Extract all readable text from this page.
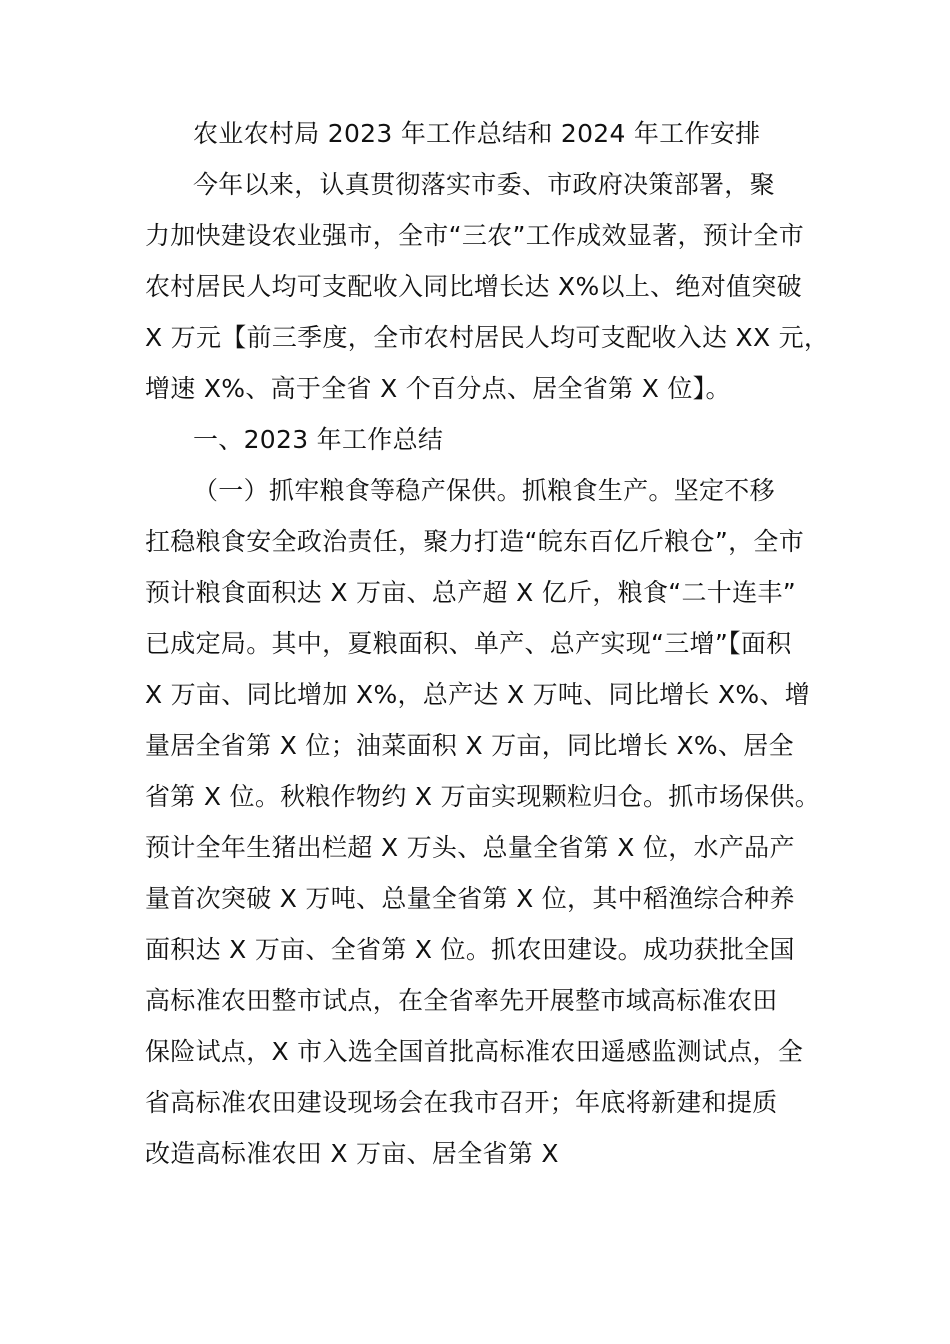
农业农村局 2023 年工作总结和 2024 年工作安排
今年以来，认真贯彻落实市委、市政府决策部署，聚
力加快建设农业强市，全市“三农”工作成效显著，预计全市
农村居民人均可支配收入同比增长达 X%以上、绝对值突破
X 万元【前三季度，全市农村居民人均可支配收入达 XX 元，
增速 X%、高于全省 X 个百分点、居全省第 X 位】。
一、2023 年工作总结
（一）抓牢粮食等稳产保供。抓粮食生产。坚定不移
扛稳粮食安全政治责任，聚力打造“皖东百亿斤粮仓”，全市
预计粮食面积达 X 万亩、总产超 X 亿斤，粮食“二十连丰”
已成定局。其中，夏粮面积、单产、总产实现“三增”【面积
X 万亩、同比增加 X%，总产达 X 万吨、同比增长 X%、增
量居全省第 X 位；油菜面积 X 万亩，同比增长 X%、居全
省第 X 位。秋粮作物约 X 万亩实现颗粒归仓。抓市场保供。
预计全年生猪出栏超 X 万头、总量全省第 X 位，水产品产
量首次突破 X 万吨、总量全省第 X 位，其中稻渔综合种养
面积达 X 万亩、全省第 X 位。抓农田建设。成功获批全国
高标准农田整市试点，在全省率先开展整市域高标准农田
保险试点，X 市入选全国首批高标准农田遥感监测试点，全
省高标准农田建设现场会在我市召开；年底将新建和提质
改造高标准农田 X 万亩、居全省第 X
